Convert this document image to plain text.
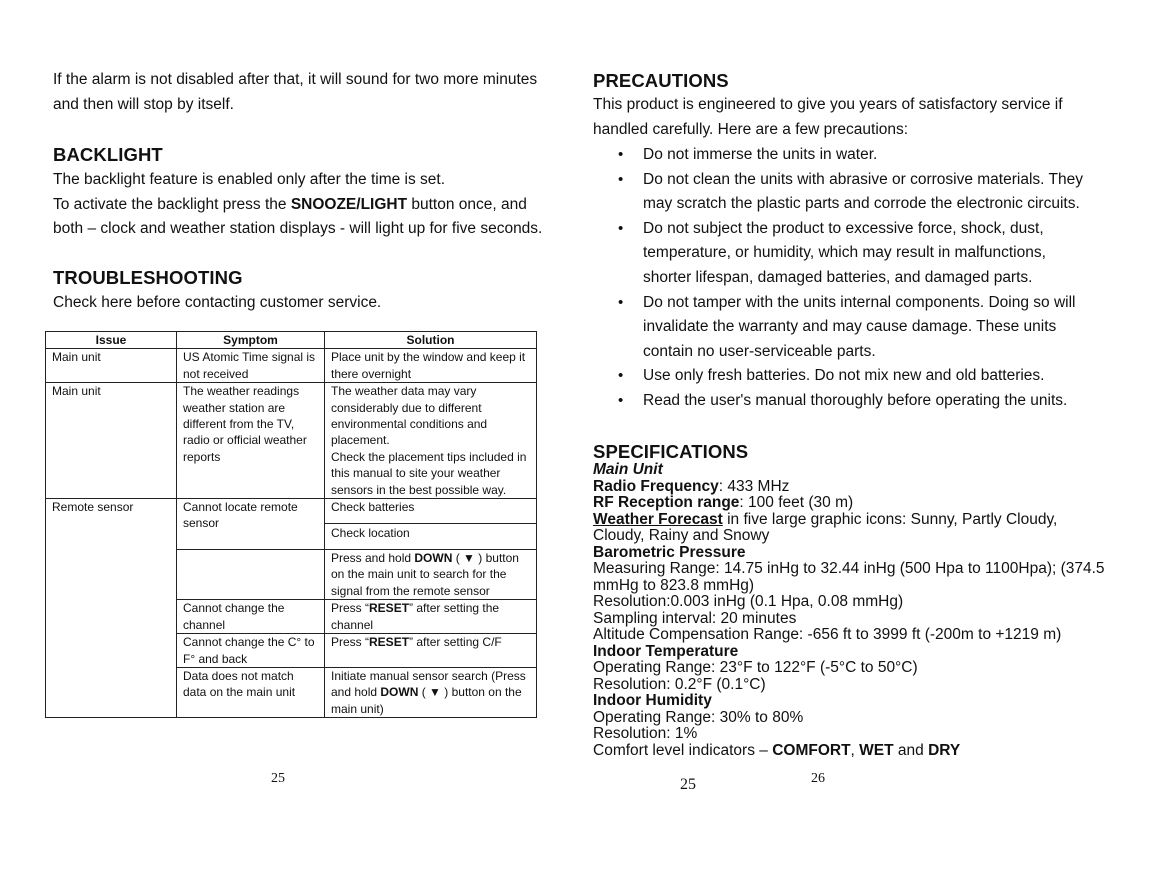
If the alarm is not disabled after that, it will sound for two more minutes and then will stop by itself.
BACKLIGHT
The backlight feature is enabled only after the time is set.
To activate the backlight press the SNOOZE/LIGHT button once, and both – clock and weather station displays - will light up for five seconds.
TROUBLESHOOTING
Check here before contacting customer service.
Issue	Symptom	Solution
Main unit	US Atomic Time signal is not received	Place unit by the window and keep it there overnight
Main unit	The weather readings weather station are different from the TV, radio or official weather reports	The weather data may vary considerably due to different environmental conditions and placement.
Check the placement tips included in this manual to site your weather sensors in the best possible way.

Remote sensor	Cannot locate remote sensor	Check batteries
		Check location
		Press and hold DOWN ( ▼ ) button on the main unit to search for the signal from the remote sensor
	Cannot change the channel	Press “RESET” after setting the channel
	Cannot change the C° to F° and back	Press “RESET” after setting C/F
	Data does not match data on the main unit	Initiate manual sensor search (Press and hold DOWN ( ▼ ) button on the main unit)
25
PRECAUTIONS
This product is engineered to give you years of satisfactory service if handled carefully. Here are a few precautions:
• Do not immerse the units in water.
• Do not clean the units with abrasive or corrosive materials. They may scratch the plastic parts and corrode the electronic circuits.
• Do not subject the product to excessive force, shock, dust, temperature, or humidity, which may result in malfunctions, shorter lifespan, damaged batteries, and damaged parts.
• Do not tamper with the units internal components. Doing so will invalidate the warranty and may cause damage. These units contain no user-serviceable parts.
• Use only fresh batteries. Do not mix new and old batteries.
• Read the user's manual thoroughly before operating the units.
SPECIFICATIONS
Main Unit
Radio Frequency: 433 MHz
RF Reception range: 100 feet (30 m)
Weather Forecast in five large graphic icons: Sunny, Partly Cloudy, Cloudy, Rainy and Snowy
Barometric Pressure
Measuring Range: 14.75 inHg to 32.44 inHg (500 Hpa to 1100Hpa); (374.5 mmHg to 823.8 mmHg)
Resolution:0.003 inHg (0.1 Hpa, 0.08 mmHg)
Sampling interval: 20 minutes
Altitude Compensation Range: -656 ft to 3999 ft (-200m to +1219 m)
Indoor Temperature
Operating Range: 23°F to 122°F (-5°C to 50°C)
Resolution: 0.2°F (0.1°C)
Indoor Humidity
Operating Range: 30% to 80%
Resolution: 1%
Comfort level indicators – COMFORT, WET and DRY
25	26
